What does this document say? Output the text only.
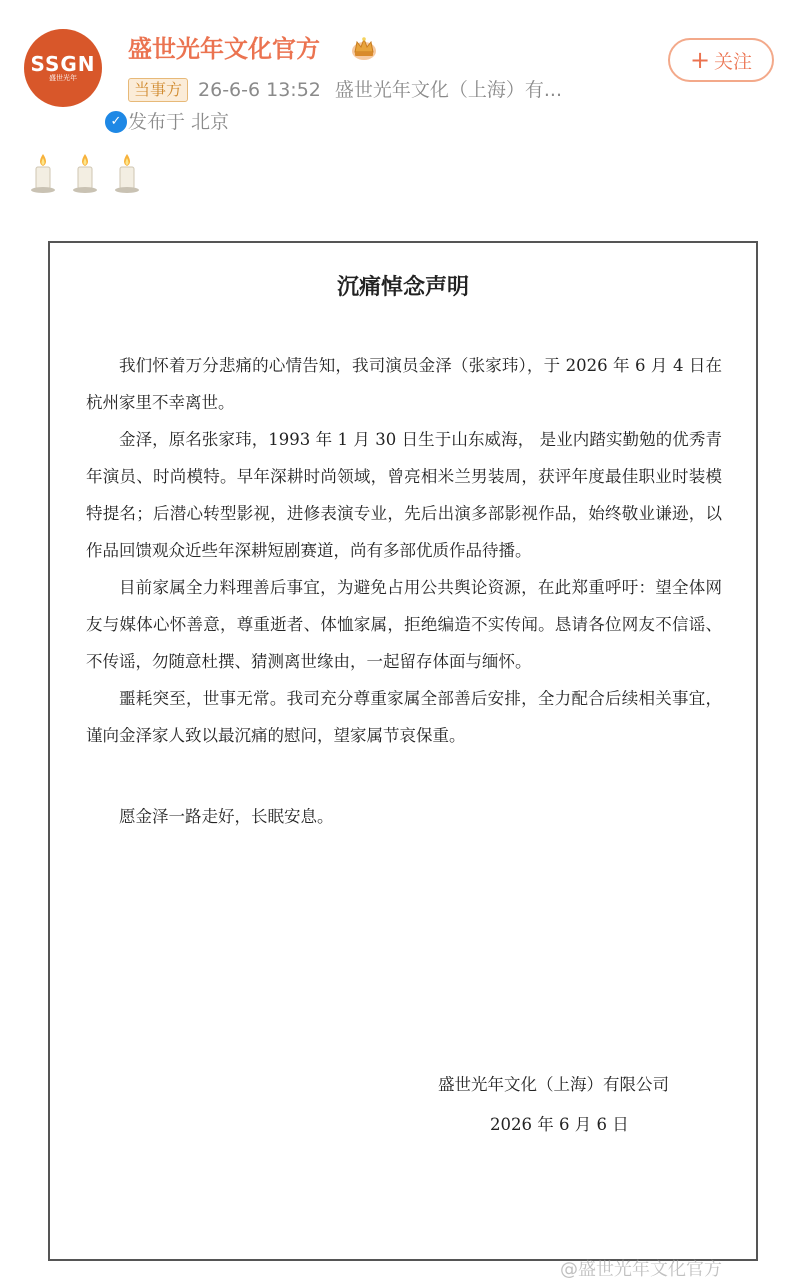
SSGN
盛世光年
✓
盛世光年文化官方
当事方 26-6-6 13:52 盛世光年文化（上海）有...
发布于 北京
+ 关注
沉痛悼念声明

我们怀着万分悲痛的心情告知，我司演员金泽（张家玮），于 2026 年 6 月 4 日在杭州家里不幸离世。

金泽，原名张家玮，1993 年 1 月 30 日生于山东威海， 是业内踏实勤勉的优秀青年演员、时尚模特。早年深耕时尚领域，曾亮相米兰男装周，获评年度最佳职业时装模特提名；后潜心转型影视，进修表演专业，先后出演多部影视作品，始终敬业谦逊，以作品回馈观众近些年深耕短剧赛道，尚有多部优质作品待播。

目前家属全力料理善后事宜，为避免占用公共舆论资源，在此郑重呼吁：望全体网友与媒体心怀善意，尊重逝者、体恤家属，拒绝编造不实传闻。恳请各位网友不信谣、不传谣，勿随意杜撰、猜测离世缘由，一起留存体面与缅怀。

噩耗突至，世事无常。我司充分尊重家属全部善后安排，全力配合后续相关事宜，谨向金泽家人致以最沉痛的慰问，望家属节哀保重。

愿金泽一路走好，长眠安息。

盛世光年文化（上海）有限公司
2026 年 6 月 6 日
@盛世光年文化官方
